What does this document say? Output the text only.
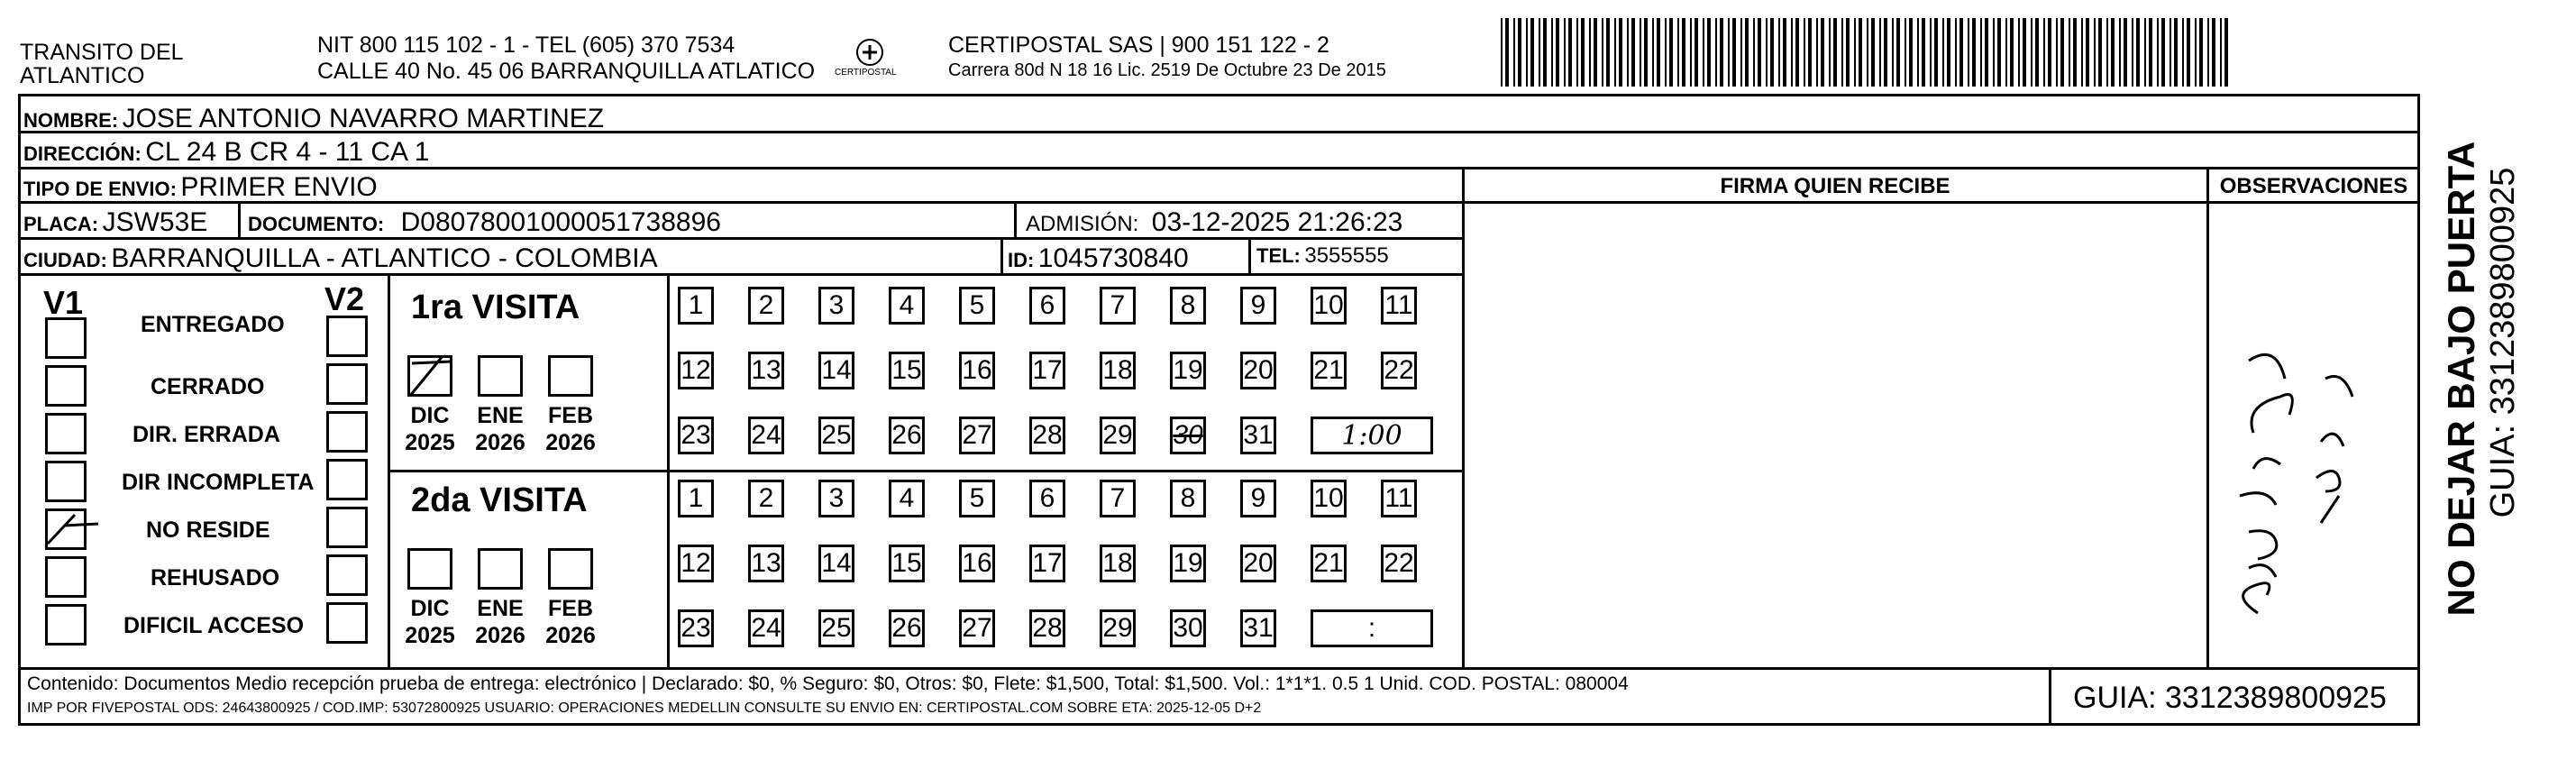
TRANSITO DEL
ATLANTICO
NIT 800 115 102 - 1 - TEL (605) 370 7534
CALLE 40 No. 45 06 BARRANQUILLA ATLATICO CERTIPOSTAL
CERTIPOSTAL SAS | 900 151 122 - 2
Carrera 80d N 18 16 Lic. 2519 De Octubre 23 De 2015
NOMBRE: JOSE ANTONIO NAVARRO MARTINEZ
DIRECCIÓN: CL 24 B CR 4 - 11 CA 1
TIPO DE ENVIO: PRIMER ENVIO	FIRMA QUIEN RECIBE	OBSERVACIONES
PLACA: JSW53E DOCUMENTO: D08078001000051738896	ADMISIÓN: 03-12-2025 21:26:23
CIUDAD: BARRANQUILLA - ATLANTICO - COLOMBIA	ID: 1045730840	TEL: 3555555
V1	V2
ENTREGADO
CERRADO
DIR. ERRADA
DIR INCOMPLETA
NO RESIDE
REHUSADO
DIFICIL ACCESO
1ra VISITA
DIC
2025
ENE
2026
FEB
2026
1	2	3	4	5	6	7	8	9	10 11
12 13 14 15 16 17 18 19 20 21 22
23 24 25 26 27 28 29 30 31	1:00
2da VISITA
DIC
2025
ENE
2026
FEB
2026
1	2	3	4	5	6	7	8	9	10 11
12 13 14 15 16 17 18 19 20 21 22
23 24 25 26 27 28 29 30 31	:
Contenido: Documentos Medio recepción prueba de entrega: electrónico | Declarado: $0, % Seguro: $0, Otros: $0, Flete: $1,500, Total: $1,500. Vol.: 1*1*1. 0.5 1 Unid. COD. POSTAL: 080004
IMP POR FIVEPOSTAL ODS: 24643800925 / COD.IMP: 53072800925 USUARIO: OPERACIONES MEDELLIN CONSULTE SU ENVIO EN: CERTIPOSTAL.COM SOBRE ETA: 2025-12-05 D+2	GUIA: 3312389800925
NO DEJAR BAJO PUERTA GUIA: 3312389800925
